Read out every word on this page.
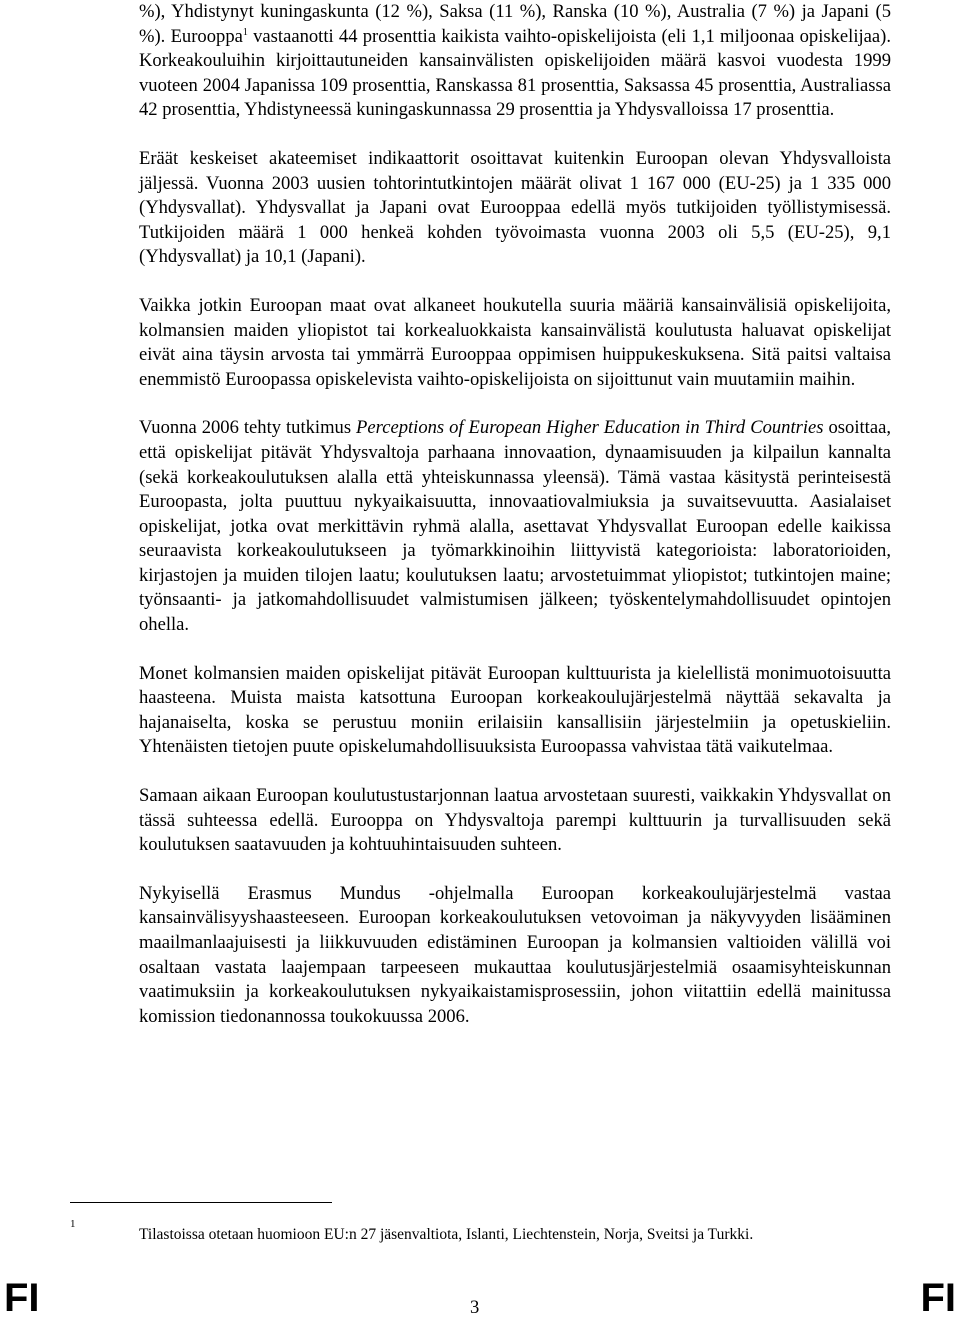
%), Yhdistynyt kuningaskunta (12 %), Saksa (11 %), Ranska (10 %), Australia (7 %) ja Japani (5 %). Eurooppa$^1$ vastaanotti 44 prosenttia kaikista vaihto-opiskelijoista (eli 1,1 miljoonaa opiskelijaa). Korkeakouluihin kirjoittautuneiden kansainvälisten opiskelijoiden määrä kasvoi vuodesta 1999 vuoteen 2004 Japanissa 109 prosenttia, Ranskassa 81 prosenttia, Saksassa 45 prosenttia, Australiassa 42 prosenttia, Yhdistyneessä kuningaskunnassa 29 prosenttia ja Yhdysvalloissa 17 prosenttia.

Eräät keskeiset akateemiset indikaattorit osoittavat kuitenkin Euroopan olevan Yhdysvalloista jäljessä. Vuonna 2003 uusien tohtorintutkintojen määrät olivat 1 167 000 (EU-25) ja 1 335 000 (Yhdysvallat). Yhdysvallat ja Japani ovat Eurooppaa edellä myös tutkijoiden työllistymisessä. Tutkijoiden määrä 1 000 henkeä kohden työvoimasta vuonna 2003 oli 5,5 (EU-25), 9,1 (Yhdysvallat) ja 10,1 (Japani).

Vaikka jotkin Euroopan maat ovat alkaneet houkutella suuria määriä kansainvälisiä opiskelijoita, kolmansien maiden yliopistot tai korkealuokkaista kansainvälistä koulutusta haluavat opiskelijat eivät aina täysin arvosta tai ymmärrä Eurooppaa oppimisen huippukeskuksena. Sitä paitsi valtaisa enemmistö Euroopassa opiskelevista vaihto-opiskelijoista on sijoittunut vain muutamiin maihin.

Vuonna 2006 tehty tutkimus Perceptions of European Higher Education in Third Countries osoittaa, että opiskelijat pitävät Yhdysvaltoja parhaana innovaation, dynaamisuuden ja kilpailun kannalta (sekä korkeakoulutuksen alalla että yhteiskunnassa yleensä). Tämä vastaa käsitystä perinteisestä Euroopasta, jolta puuttuu nykyaikaisuutta, innovaatiovalmiuksia ja suvaitsevuutta. Aasialaiset opiskelijat, jotka ovat merkittävin ryhmä alalla, asettavat Yhdysvallat Euroopan edelle kaikissa seuraavista korkeakoulutukseen ja työmarkkinoihin liittyvistä kategorioista: laboratorioiden, kirjastojen ja muiden tilojen laatu; koulutuksen laatu; arvostetuimmat yliopistot; tutkintojen maine; työnsaanti- ja jatkomahdollisuudet valmistumisen jälkeen; työskentelymahdollisuudet opintojen ohella.

Monet kolmansien maiden opiskelijat pitävät Euroopan kulttuurista ja kielellistä monimuotoisuutta haasteena. Muista maista katsottuna Euroopan korkeakoulujärjestelmä näyttää sekavalta ja hajanaiselta, koska se perustuu moniin erilaisiin kansallisiin järjestelmiin ja opetuskieliin. Yhtenäisten tietojen puute opiskelumahdollisuuksista Euroopassa vahvistaa tätä vaikutelmaa.

Samaan aikaan Euroopan koulutustustarjonnan laatua arvostetaan suuresti, vaikkakin Yhdysvallat on tässä suhteessa edellä. Eurooppa on Yhdysvaltoja parempi kulttuurin ja turvallisuuden sekä koulutuksen saatavuuden ja kohtuuhintaisuuden suhteen.

Nykyisellä Erasmus Mundus -ohjelmalla Euroopan korkeakoulujärjestelmä vastaa kansainvälisyyshaasteeseen. Euroopan korkeakoulutuksen vetovoiman ja näkyvyyden lisääminen maailmanlaajuisesti ja liikkuvuuden edistäminen Euroopan ja kolmansien valtioiden välillä voi osaltaan vastata laajempaan tarpeeseen mukauttaa koulutusjärjestelmiä osaamisyhteiskunnan vaatimuksiin ja korkeakoulutuksen nykyaikaistamisprosessiin, johon viitattiin edellä mainitussa komission tiedonannossa toukokuussa 2006.

1
Tilastoissa otetaan huomioon EU:n 27 jäsenvaltiota, Islanti, Liechtenstein, Norja, Sveitsi ja Turkki.
FI	3	FI
